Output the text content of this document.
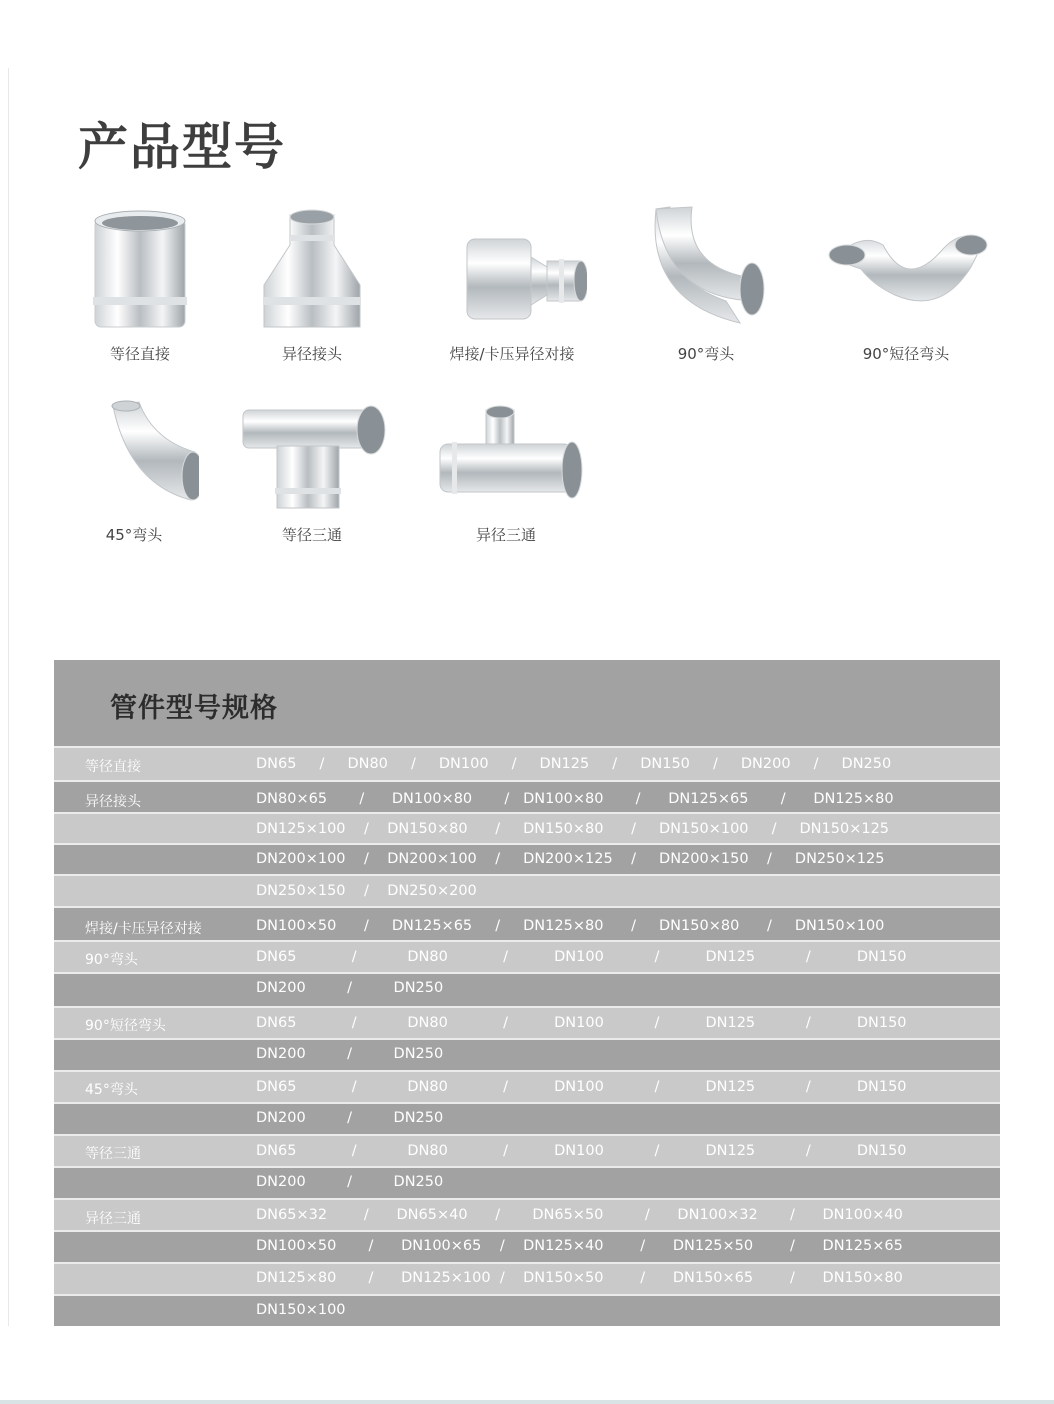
产品型号
等径直接	异径接头	焊接/卡压异径对接	90°弯头	90°短径弯头
45°弯头	等径三通	异径三通
管件型号规格
等径直接	DN65     /     DN80     /     DN100     /     DN125     /     DN150     /     DN200     /     DN250
异径接头	DN80×65       /      DN100×80       /   DN100×80       /      DN125×65       /      DN125×80
DN125×100    /    DN150×80      /     DN150×80      /     DN150×100     /     DN150×125
DN200×100    /    DN200×100    /     DN200×125    /     DN200×150    /     DN250×125
DN250×150    /    DN250×200
焊接/卡压异径对接	DN100×50      /     DN125×65     /     DN125×80      /     DN150×80      /     DN150×100
90°弯头	DN65            /           DN80            /          DN100           /          DN125           /          DN150
DN200         /         DN250
90°短径弯头	DN65            /           DN80            /          DN100           /          DN125           /          DN150
DN200         /         DN250
45°弯头	DN65            /           DN80            /          DN100           /          DN125           /          DN150
DN200         /         DN250
等径三通	DN65            /           DN80            /          DN100           /          DN125           /          DN150
DN200         /         DN250
异径三通	DN65×32        /      DN65×40      /       DN65×50         /      DN100×32       /      DN100×40
DN100×50       /      DN100×65    /    DN125×40        /      DN125×50        /      DN125×65
DN125×80       /      DN125×100  /    DN150×50        /      DN150×65        /      DN150×80
DN150×100
